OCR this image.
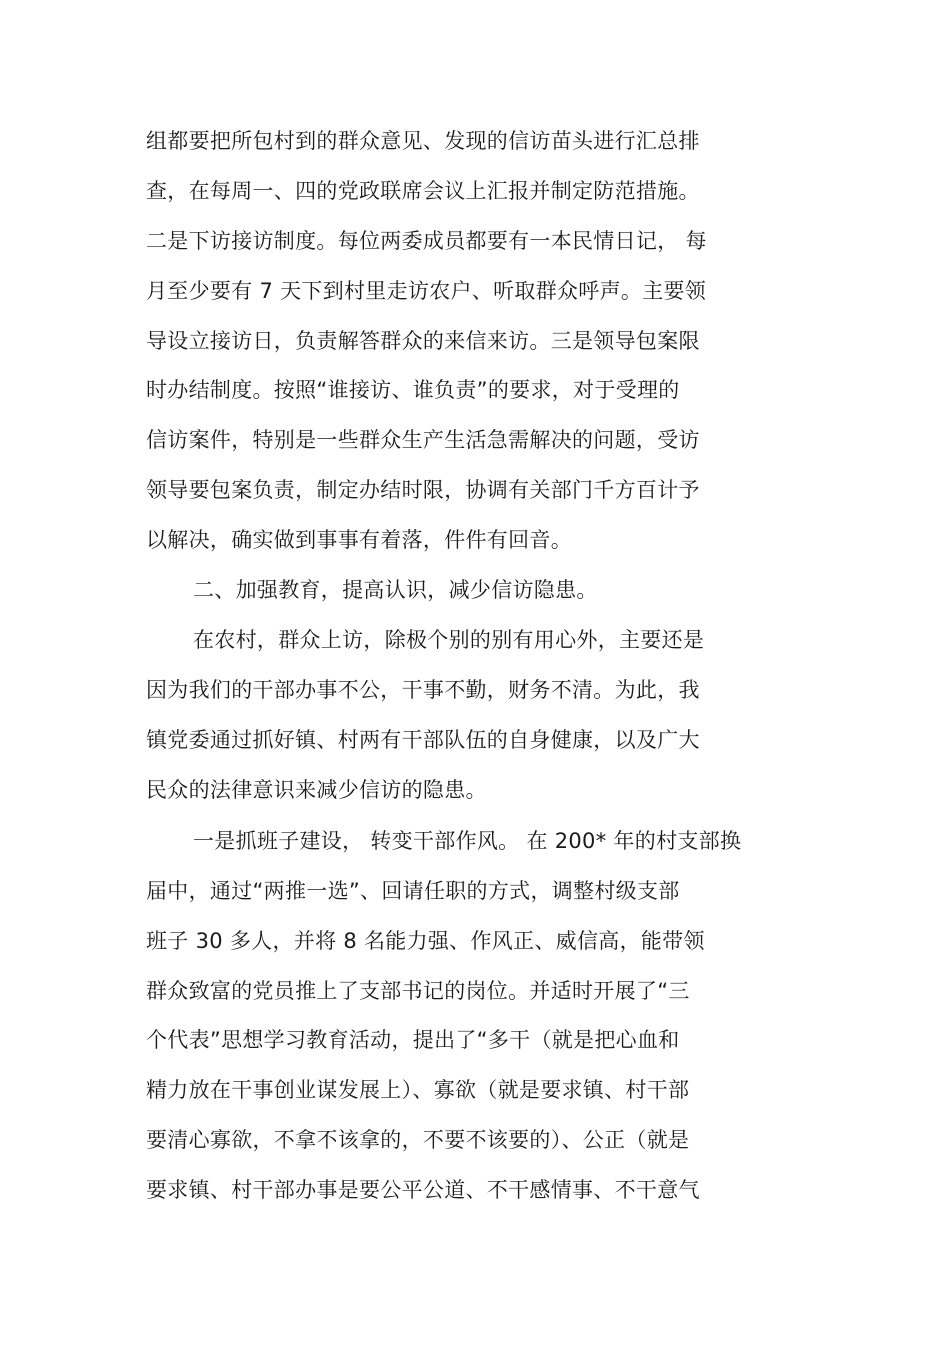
组都要把所包村到的群众意见、发现的信访苗头进行汇总排
查，在每周一、四的党政联席会议上汇报并制定防范措施。
二是下访接访制度。每位两委成员都要有一本民情日记， 每
月至少要有 7 天下到村里走访农户、听取群众呼声。主要领
导设立接访日，负责解答群众的来信来访。三是领导包案限
时办结制度。按照“谁接访、谁负责”的要求，对于受理的
信访案件，特别是一些群众生产生活急需解决的问题，受访
领导要包案负责，制定办结时限，协调有关部门千方百计予
以解决，确实做到事事有着落，件件有回音。
二、加强教育，提高认识，减少信访隐患。
在农村，群众上访，除极个别的别有用心外，主要还是
因为我们的干部办事不公，干事不勤，财务不清。为此，我
镇党委通过抓好镇、村两有干部队伍的自身健康，以及广大
民众的法律意识来减少信访的隐患。
一是抓班子建设， 转变干部作风。 在 200* 年的村支部换
届中，通过“两推一选”、回请任职的方式，调整村级支部
班子 30 多人，并将 8 名能力强、作风正、威信高，能带领
群众致富的党员推上了支部书记的岗位。并适时开展了“三
个代表”思想学习教育活动，提出了“多干（就是把心血和
精力放在干事创业谋发展上）、寡欲（就是要求镇、村干部
要清心寡欲，不拿不该拿的，不要不该要的）、公正（就是
要求镇、村干部办事是要公平公道、不干感情事、不干意气
